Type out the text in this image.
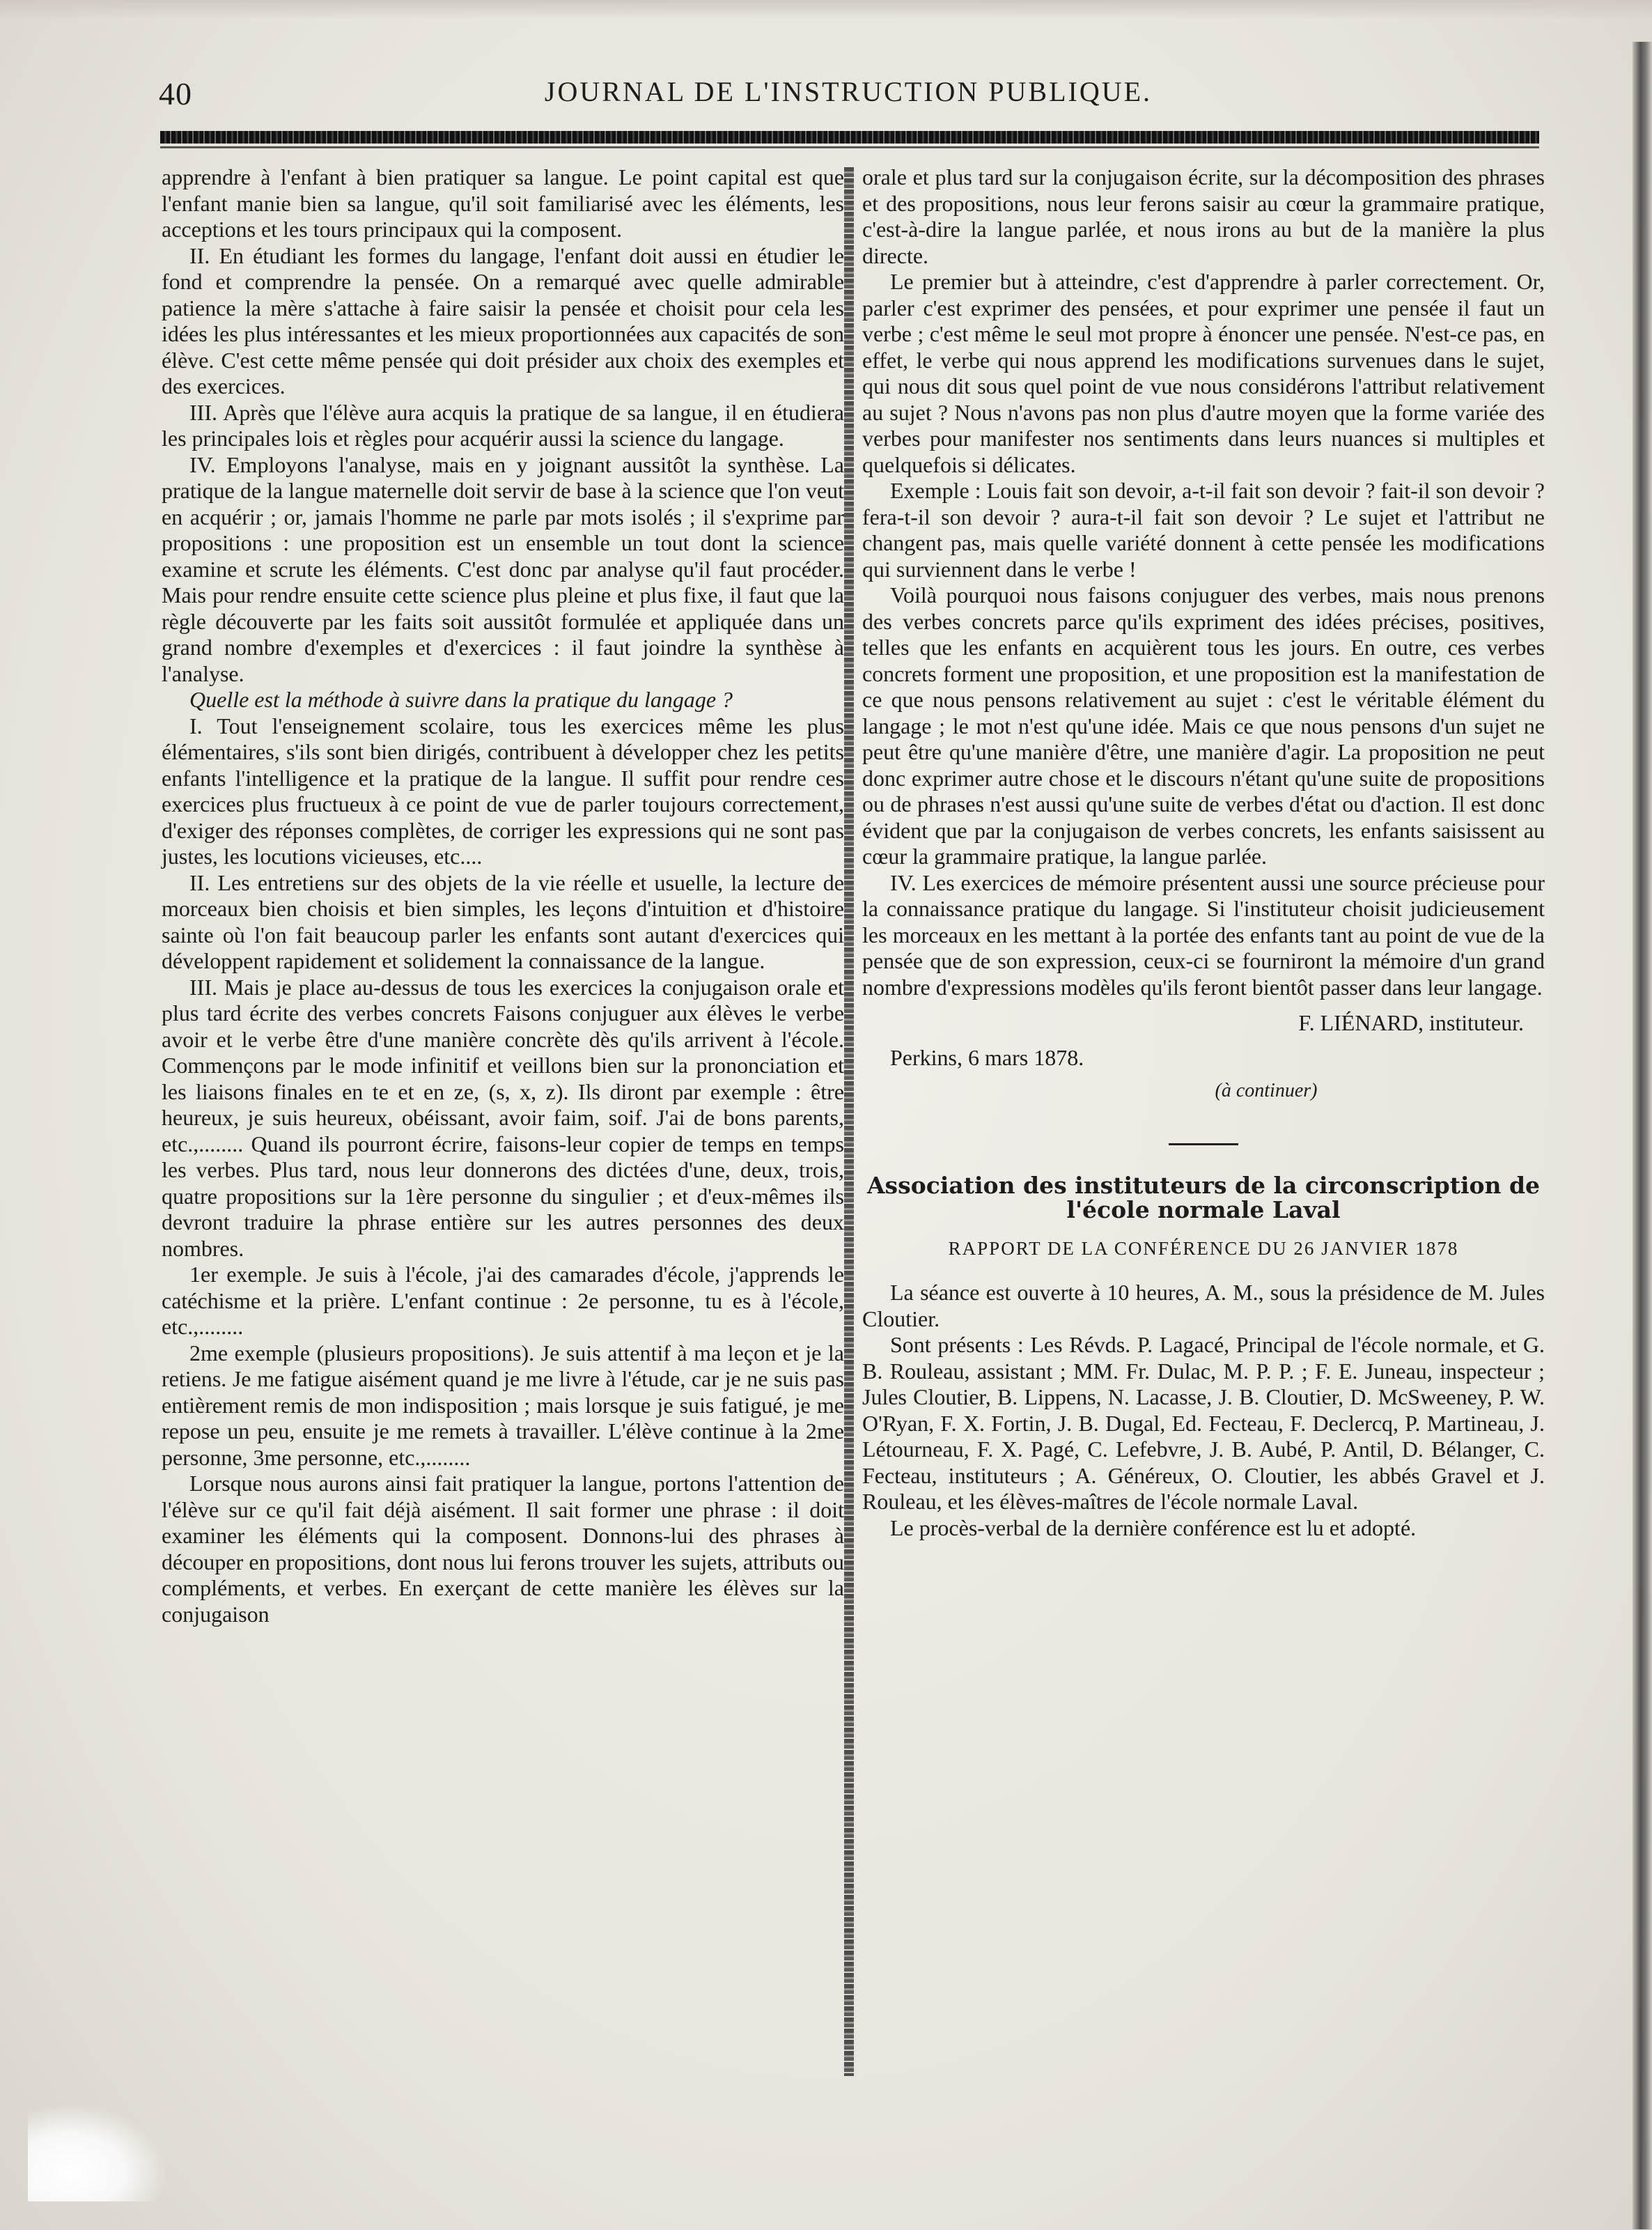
40	JOURNAL DE L'INSTRUCTION PUBLIQUE.

apprendre à l'enfant à bien pratiquer sa langue. Le point capital est que l'enfant manie bien sa langue, qu'il soit familiarisé avec les éléments, les acceptions et les tours principaux qui la composent.

II. En étudiant les formes du langage, l'enfant doit aussi en étudier le fond et comprendre la pensée. On a remarqué avec quelle admirable patience la mère s'attache à faire saisir la pensée et choisit pour cela les idées les plus intéressantes et les mieux proportionnées aux capacités de son élève. C'est cette même pensée qui doit présider aux choix des exemples et des exercices.

III. Après que l'élève aura acquis la pratique de sa langue, il en étudiera les principales lois et règles pour acquérir aussi la science du langage.

IV. Employons l'analyse, mais en y joignant aussitôt la synthèse. La pratique de la langue maternelle doit servir de base à la science que l'on veut en acquérir ; or, jamais l'homme ne parle par mots isolés ; il s'exprime par propositions : une proposition est un ensemble un tout dont la science examine et scrute les éléments. C'est donc par analyse qu'il faut procéder. Mais pour rendre ensuite cette science plus pleine et plus fixe, il faut que la règle découverte par les faits soit aussitôt formulée et appliquée dans un grand nombre d'exemples et d'exercices : il faut joindre la synthèse à l'analyse.

Quelle est la méthode à suivre dans la pratique du langage ?

I. Tout l'enseignement scolaire, tous les exercices même les plus élémentaires, s'ils sont bien dirigés, contribuent à développer chez les petits enfants l'intelligence et la pratique de la langue. Il suffit pour rendre ces exercices plus fructueux à ce point de vue de parler toujours correctement, d'exiger des réponses complètes, de corriger les expressions qui ne sont pas justes, les locutions vicieuses, etc....

II. Les entretiens sur des objets de la vie réelle et usuelle, la lecture de morceaux bien choisis et bien simples, les leçons d'intuition et d'histoire sainte où l'on fait beaucoup parler les enfants sont autant d'exercices qui développent rapidement et solidement la connaissance de la langue.

III. Mais je place au-dessus de tous les exercices la conjugaison orale et plus tard écrite des verbes concrets Faisons conjuguer aux élèves le verbe avoir et le verbe être d'une manière concrète dès qu'ils arrivent à l'école. Commençons par le mode infinitif et veillons bien sur la prononciation et les liaisons finales en te et en ze, (s, x, z). Ils diront par exemple : être heureux, je suis heureux, obéissant, avoir faim, soif. J'ai de bons parents, etc.,........ Quand ils pourront écrire, faisons-leur copier de temps en temps les verbes. Plus tard, nous leur donnerons des dictées d'une, deux, trois, quatre propositions sur la 1ère personne du singulier ; et d'eux-mêmes ils devront traduire la phrase entière sur les autres personnes des deux nombres.

1er exemple. Je suis à l'école, j'ai des camarades d'école, j'apprends le catéchisme et la prière. L'enfant continue : 2e personne, tu es à l'école, etc.,........

2me exemple (plusieurs propositions). Je suis attentif à ma leçon et je la retiens. Je me fatigue aisément quand je me livre à l'étude, car je ne suis pas entièrement remis de mon indisposition ; mais lorsque je suis fatigué, je me repose un peu, ensuite je me remets à travailler. L'élève continue à la 2me personne, 3me personne, etc.,........

Lorsque nous aurons ainsi fait pratiquer la langue, portons l'attention de l'élève sur ce qu'il fait déjà aisément. Il sait former une phrase : il doit examiner les éléments qui la composent. Donnons-lui des phrases à découper en propositions, dont nous lui ferons trouver les sujets, attributs ou compléments, et verbes. En exerçant de cette manière les élèves sur la conjugaison

orale et plus tard sur la conjugaison écrite, sur la décomposition des phrases et des propositions, nous leur ferons saisir au cœur la grammaire pratique, c'est-à-dire la langue parlée, et nous irons au but de la manière la plus directe.

Le premier but à atteindre, c'est d'apprendre à parler correctement. Or, parler c'est exprimer des pensées, et pour exprimer une pensée il faut un verbe ; c'est même le seul mot propre à énoncer une pensée. N'est-ce pas, en effet, le verbe qui nous apprend les modifications survenues dans le sujet, qui nous dit sous quel point de vue nous considérons l'attribut relativement au sujet ? Nous n'avons pas non plus d'autre moyen que la forme variée des verbes pour manifester nos sentiments dans leurs nuances si multiples et quelquefois si délicates.

Exemple : Louis fait son devoir, a-t-il fait son devoir ? fait-il son devoir ? fera-t-il son devoir ? aura-t-il fait son devoir ? Le sujet et l'attribut ne changent pas, mais quelle variété donnent à cette pensée les modifications qui surviennent dans le verbe !

Voilà pourquoi nous faisons conjuguer des verbes, mais nous prenons des verbes concrets parce qu'ils expriment des idées précises, positives, telles que les enfants en acquièrent tous les jours. En outre, ces verbes concrets forment une proposition, et une proposition est la manifestation de ce que nous pensons relativement au sujet : c'est le véritable élément du langage ; le mot n'est qu'une idée. Mais ce que nous pensons d'un sujet ne peut être qu'une manière d'être, une manière d'agir. La proposition ne peut donc exprimer autre chose et le discours n'étant qu'une suite de propositions ou de phrases n'est aussi qu'une suite de verbes d'état ou d'action. Il est donc évident que par la conjugaison de verbes concrets, les enfants saisissent au cœur la grammaire pratique, la langue parlée.

IV. Les exercices de mémoire présentent aussi une source précieuse pour la connaissance pratique du langage. Si l'instituteur choisit judicieusement les morceaux en les mettant à la portée des enfants tant au point de vue de la pensée que de son expression, ceux-ci se fourniront la mémoire d'un grand nombre d'expressions modèles qu'ils feront bientôt passer dans leur langage.

F. LIÉNARD, instituteur.

Perkins, 6 mars 1878.

(à continuer)

Association des instituteurs de la circonscription de l'école normale Laval

RAPPORT DE LA CONFÉRENCE DU 26 JANVIER 1878

La séance est ouverte à 10 heures, A. M., sous la présidence de M. Jules Cloutier.

Sont présents : Les Révds. P. Lagacé, Principal de l'école normale, et G. B. Rouleau, assistant ; MM. Fr. Dulac, M. P. P. ; F. E. Juneau, inspecteur ; Jules Cloutier, B. Lippens, N. Lacasse, J. B. Cloutier, D. McSweeney, P. W. O'Ryan, F. X. Fortin, J. B. Dugal, Ed. Fecteau, F. Declercq, P. Martineau, J. Létourneau, F. X. Pagé, C. Lefebvre, J. B. Aubé, P. Antil, D. Bélanger, C. Fecteau, instituteurs ; A. Généreux, O. Cloutier, les abbés Gravel et J. Rouleau, et les élèves-maîtres de l'école normale Laval.

Le procès-verbal de la dernière conférence est lu et adopté.
